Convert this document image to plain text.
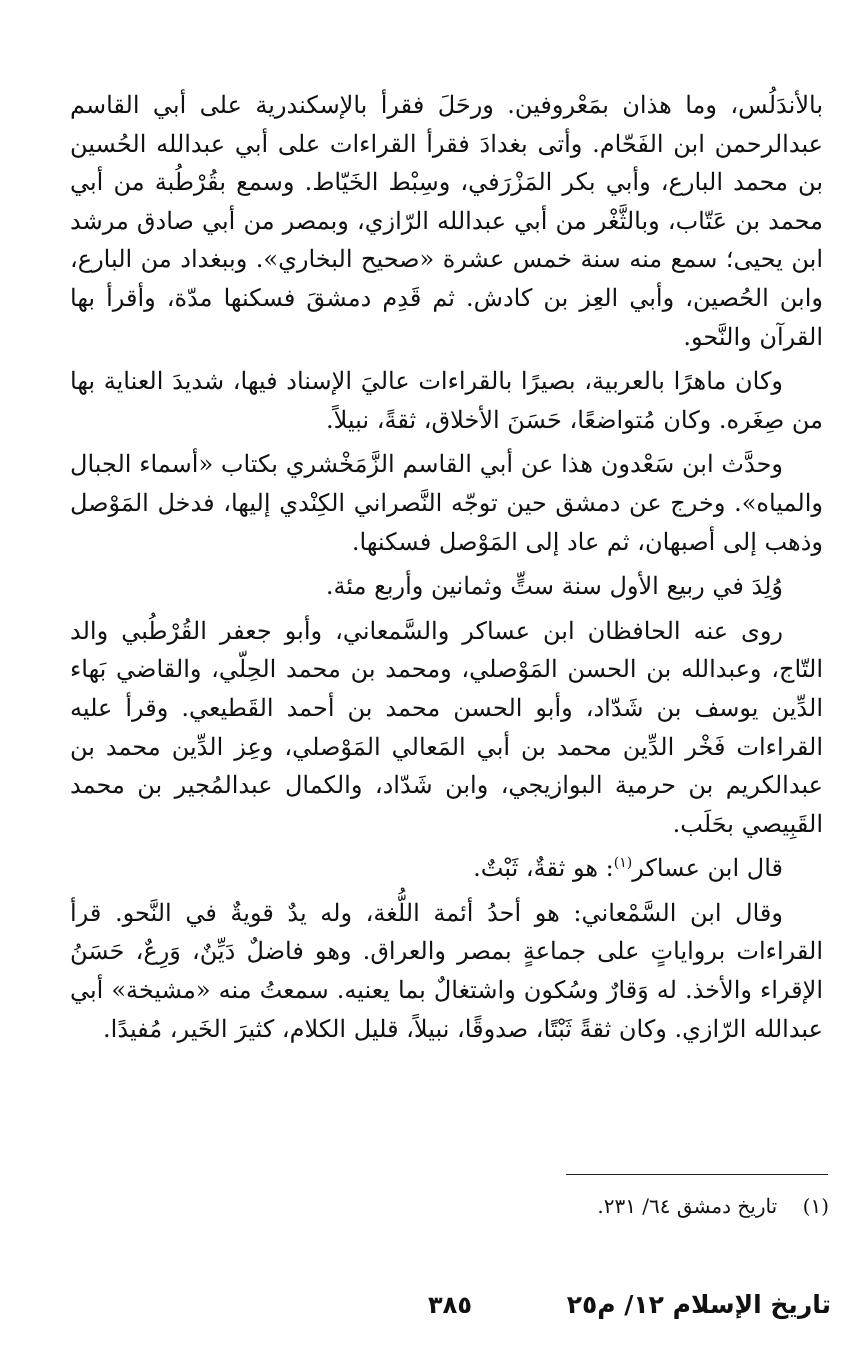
بالأندَلُس، وما هذان بمَعْروفين. ورحَلَ فقرأ بالإسكندرية على أبي القاسم عبدالرحمن ابن الفَحّام. وأتى بغدادَ فقرأ القراءات على أبي عبدالله الحُسين بن محمد البارع، وأبي بكر المَزْرَفي، وسِبْط الخَيّاط. وسمع بقُرْطُبة من أبي محمد بن عَتّاب، وبالثَّغْر من أبي عبدالله الرّازي، وبمصر من أبي صادق مرشد ابن يحيى؛ سمع منه سنة خمس عشرة «صحيح البخاري». وببغداد من البارع، وابن الحُصين، وأبي العِز بن كادش. ثم قَدِم دمشقَ فسكنها مدّة، وأقرأ بها القرآن والنَّحو.

وكان ماهرًا بالعربية، بصيرًا بالقراءات عاليَ الإسناد فيها، شديدَ العناية بها من صِغَره. وكان مُتواضعًا، حَسَنَ الأخلاق، ثقةً، نبيلاً.

وحدَّث ابن سَعْدون هذا عن أبي القاسم الزَّمَخْشري بكتاب «أسماء الجبال والمياه». وخرج عن دمشق حين توجّه النَّصراني الكِنْدي إليها، فدخل المَوْصل وذهب إلى أصبهان، ثم عاد إلى المَوْصل فسكنها.

وُلِدَ في ربيع الأول سنة ستٍّ وثمانين وأربع مئة.

روى عنه الحافظان ابن عساكر والسَّمعاني، وأبو جعفر القُرْطُبي والد التّاج، وعبدالله بن الحسن المَوْصلي، ومحمد بن محمد الحِلّي، والقاضي بَهاء الدِّين يوسف بن شَدّاد، وأبو الحسن محمد بن أحمد القَطيعي. وقرأ عليه القراءات فَخْر الدِّين محمد بن أبي المَعالي المَوْصلي، وعِز الدِّين محمد بن عبدالكريم بن حرمية البوازيجي، وابن شَدّاد، والكمال عبدالمُجير بن محمد القَبِيصي بحَلَب.

قال ابن عساكر$^{(١)}$: هو ثقةٌ، ثَبْتٌ.

وقال ابن السَّمْعاني: هو أحدُ أئمة اللُّغة، وله يدٌ قويةٌ في النَّحو. قرأ القراءات برواياتٍ على جماعةٍ بمصر والعراق. وهو فاضلٌ دَيِّنٌ، وَرِعٌ، حَسَنُ الإقراء والأخذ. له وَقارٌ وسُكون واشتغالٌ بما يعنيه. سمعتُ منه «مشيخة» أبي عبدالله الرّازي. وكان ثقةً ثَبْتًا، صدوقًا، نبيلاً، قليل الكلام، كثيرَ الخَير، مُفيدًا.

(١)    تاريخ دمشق ٦٤/ ٢٣١.
تاريخ الإسلام ١٢/ م٢٥
٣٨٥
